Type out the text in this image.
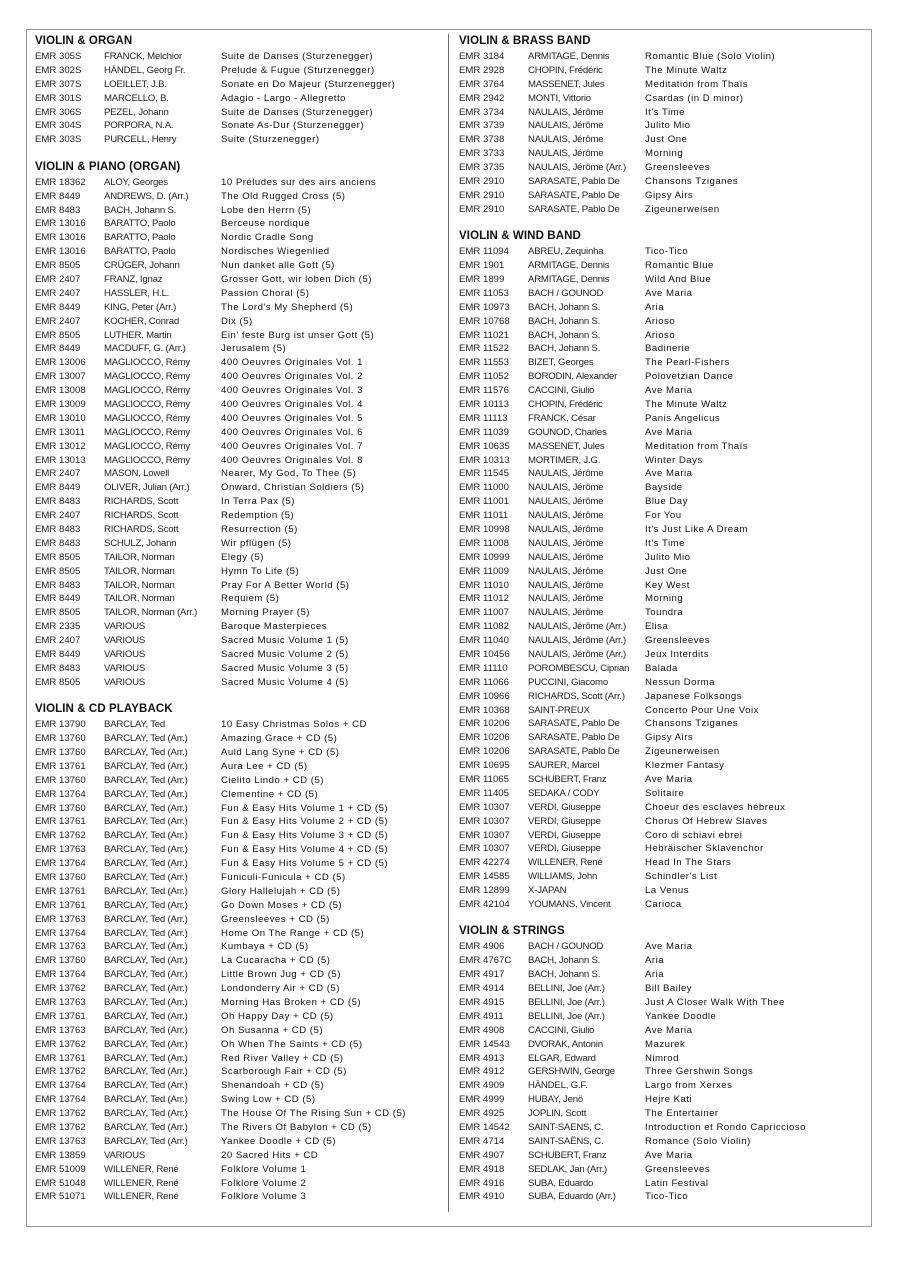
VIOLIN & ORGAN
EMR 305S	FRANCK, Melchior	Suite de Danses (Sturzenegger)
EMR 302S	HÄNDEL, Georg Fr.	Prelude & Fugue (Sturzenegger)
EMR 307S	LOEILLET, J.B.	Sonate en Do Majeur (Sturzenegger)
EMR 301S	MARCELLO, B.	Adagio - Largo - Allegretto
EMR 306S	PEZEL, Johann	Suite de Danses (Sturzenegger)
EMR 304S	PORPORA, N.A.	Sonate As-Dur (Sturzenegger)
EMR 303S	PURCELL, Henry	Suite (Sturzenegger)
VIOLIN & PIANO (ORGAN)
EMR 18362	ALOY, Georges	10 Préludes sur des airs anciens
EMR 8449	ANDREWS, D. (Arr.)	The Old Rugged Cross (5)
EMR 8483	BACH, Johann S.	Lobe den Herrn (5)
EMR 13016	BARATTO, Paolo	Berceuse nordique
EMR 13016	BARATTO, Paolo	Nordic Cradle Song
EMR 13016	BARATTO, Paolo	Nordisches Wiegenlied
EMR 8505	CRÜGER, Johann	Nun danket alle Gott (5)
EMR 2407	FRANZ, Ignaz	Grosser Gott, wir loben Dich (5)
EMR 2407	HASSLER, H.L.	Passion Choral (5)
EMR 8449	KING, Peter (Arr.)	The Lord's My Shepherd (5)
EMR 2407	KOCHER, Conrad	Dix (5)
EMR 8505	LUTHER, Martin	Ein' feste Burg ist unser Gott (5)
EMR 8449	MACDUFF, G. (Arr.)	Jerusalem (5)
EMR 13006	MAGLIOCCO, Rémy	400 Oeuvres Originales Vol. 1
EMR 13007	MAGLIOCCO, Rémy	400 Oeuvres Originales Vol. 2
EMR 13008	MAGLIOCCO, Rémy	400 Oeuvres Originales Vol. 3
EMR 13009	MAGLIOCCO, Rémy	400 Oeuvres Originales Vol. 4
EMR 13010	MAGLIOCCO, Rémy	400 Oeuvres Originales Vol. 5
EMR 13011	MAGLIOCCO, Rémy	400 Oeuvres Originales Vol. 6
EMR 13012	MAGLIOCCO, Rémy	400 Oeuvres Originales Vol. 7
EMR 13013	MAGLIOCCO, Rémy	400 Oeuvres Originales Vol. 8
EMR 2407	MASON, Lowell	Nearer, My God, To Thee (5)
EMR 8449	OLIVER, Julian (Arr.)	Onward, Christian Soldiers (5)
EMR 8483	RICHARDS, Scott	In Terra Pax (5)
EMR 2407	RICHARDS, Scott	Redemption (5)
EMR 8483	RICHARDS, Scott	Resurrection (5)
EMR 8483	SCHULZ, Johann	Wir pflügen (5)
EMR 8505	TAILOR, Norman	Elegy (5)
EMR 8505	TAILOR, Norman	Hymn To Life (5)
EMR 8483	TAILOR, Norman	Pray For A Better World (5)
EMR 8449	TAILOR, Norman	Requiem (5)
EMR 8505	TAILOR, Norman (Arr.)	Morning Prayer (5)
EMR 2335	VARIOUS	Baroque Masterpieces
EMR 2407	VARIOUS	Sacred Music Volume 1 (5)
EMR 8449	VARIOUS	Sacred Music Volume 2 (5)
EMR 8483	VARIOUS	Sacred Music Volume 3 (5)
EMR 8505	VARIOUS	Sacred Music Volume 4 (5)
VIOLIN & CD PLAYBACK
EMR 13790	BARCLAY, Ted	10 Easy Christmas Solos + CD
EMR 13760	BARCLAY, Ted (Arr.)	Amazing Grace + CD (5)
EMR 13760	BARCLAY, Ted (Arr.)	Auld Lang Syne + CD (5)
EMR 13761	BARCLAY, Ted (Arr.)	Aura Lee + CD (5)
EMR 13760	BARCLAY, Ted (Arr.)	Cielito Lindo + CD (5)
EMR 13764	BARCLAY, Ted (Arr.)	Clementine + CD (5)
EMR 13760	BARCLAY, Ted (Arr.)	Fun & Easy Hits Volume 1 + CD (5)
EMR 13761	BARCLAY, Ted (Arr.)	Fun & Easy Hits Volume 2 + CD (5)
EMR 13762	BARCLAY, Ted (Arr.)	Fun & Easy Hits Volume 3 + CD (5)
EMR 13763	BARCLAY, Ted (Arr.)	Fun & Easy Hits Volume 4 + CD (5)
EMR 13764	BARCLAY, Ted (Arr.)	Fun & Easy Hits Volume 5 + CD (5)
EMR 13760	BARCLAY, Ted (Arr.)	Funiculi-Funicula + CD (5)
EMR 13761	BARCLAY, Ted (Arr.)	Glory Hallelujah + CD (5)
EMR 13761	BARCLAY, Ted (Arr.)	Go Down Moses + CD (5)
EMR 13763	BARCLAY, Ted (Arr.)	Greensleeves + CD (5)
EMR 13764	BARCLAY, Ted (Arr.)	Home On The Range + CD (5)
EMR 13763	BARCLAY, Ted (Arr.)	Kumbaya + CD (5)
EMR 13760	BARCLAY, Ted (Arr.)	La Cucaracha + CD (5)
EMR 13764	BARCLAY, Ted (Arr.)	Little Brown Jug + CD (5)
EMR 13762	BARCLAY, Ted (Arr.)	Londonderry Air + CD (5)
EMR 13763	BARCLAY, Ted (Arr.)	Morning Has Broken + CD (5)
EMR 13761	BARCLAY, Ted (Arr.)	Oh Happy Day + CD (5)
EMR 13763	BARCLAY, Ted (Arr.)	Oh Susanna + CD (5)
EMR 13762	BARCLAY, Ted (Arr.)	Oh When The Saints + CD (5)
EMR 13761	BARCLAY, Ted (Arr.)	Red River Valley + CD (5)
EMR 13762	BARCLAY, Ted (Arr.)	Scarborough Fair + CD (5)
EMR 13764	BARCLAY, Ted (Arr.)	Shenandoah + CD (5)
EMR 13764	BARCLAY, Ted (Arr.)	Swing Low + CD (5)
EMR 13762	BARCLAY, Ted (Arr.)	The House Of The Rising Sun + CD (5)
EMR 13762	BARCLAY, Ted (Arr.)	The Rivers Of Babylon + CD (5)
EMR 13763	BARCLAY, Ted (Arr.)	Yankee Doodle + CD (5)
EMR 13859	VARIOUS	20 Sacred Hits + CD
EMR 51009	WILLENER, René	Folklore Volume 1
EMR 51048	WILLENER, René	Folklore Volume 2
EMR 51071	WILLENER, René	Folklore Volume 3
VIOLIN & BRASS BAND
EMR 3184	ARMITAGE, Dennis	Romantic Blue (Solo Violin)
EMR 2928	CHOPIN, Frédéric	The Minute Waltz
EMR 3764	MASSENET, Jules	Meditation from Thaïs
EMR 2942	MONTI, Vittorio	Csardas (in D minor)
EMR 3734	NAULAIS, Jérôme	It's Time
EMR 3739	NAULAIS, Jérôme	Julito Mio
EMR 3738	NAULAIS, Jérôme	Just One
EMR 3733	NAULAIS, Jérôme	Morning
EMR 3735	NAULAIS, Jérôme (Arr.)	Greensleeves
EMR 2910	SARASATE, Pablo De	Chansons Tziganes
EMR 2910	SARASATE, Pablo De	Gipsy Airs
EMR 2910	SARASATE, Pablo De	Zigeunerweisen
VIOLIN & WIND BAND
EMR 11094	ABREU, Zequinha	Tico-Tico
EMR 1901	ARMITAGE, Dennis	Romantic Blue
EMR 1899	ARMITAGE, Dennis	Wild And Blue
EMR 11053	BACH / GOUNOD	Ave Maria
EMR 10973	BACH, Johann S.	Aria
EMR 10768	BACH, Johann S.	Arioso
EMR 11021	BACH, Johann S.	Arioso
EMR 11522	BACH, Johann S.	Badinerie
EMR 11553	BIZET, Georges	The Pearl-Fishers
EMR 11052	BORODIN, Alexander	Polovetzian Dance
EMR 11576	CACCINI, Giulio	Ave Maria
EMR 10113	CHOPIN, Frédéric	The Minute Waltz
EMR 11113	FRANCK, César	Panis Angelicus
EMR 11039	GOUNOD, Charles	Ave Maria
EMR 10635	MASSENET, Jules	Meditation from Thaïs
EMR 10313	MORTIMER, J.G.	Winter Days
EMR 11545	NAULAIS, Jérôme	Ave Maria
EMR 11000	NAULAIS, Jérôme	Bayside
EMR 11001	NAULAIS, Jérôme	Blue Day
EMR 11011	NAULAIS, Jérôme	For You
EMR 10998	NAULAIS, Jérôme	It's Just Like A Dream
EMR 11008	NAULAIS, Jérôme	It's Time
EMR 10999	NAULAIS, Jérôme	Julito Mio
EMR 11009	NAULAIS, Jérôme	Just One
EMR 11010	NAULAIS, Jérôme	Key West
EMR 11012	NAULAIS, Jérôme	Morning
EMR 11007	NAULAIS, Jérôme	Toundra
EMR 11082	NAULAIS, Jérôme (Arr.)	Elisa
EMR 11040	NAULAIS, Jérôme (Arr.)	Greensleeves
EMR 10456	NAULAIS, Jérôme (Arr.)	Jeux Interdits
EMR 11110	POROMBESCU, Ciprian	Balada
EMR 11066	PUCCINI, Giacomo	Nessun Dorma
EMR 10966	RICHARDS, Scott (Arr.)	Japanese Folksongs
EMR 10368	SAINT-PREUX	Concerto Pour Une Voix
EMR 10206	SARASATE, Pablo De	Chansons Tziganes
EMR 10206	SARASATE, Pablo De	Gipsy Airs
EMR 10206	SARASATE, Pablo De	Zigeunerweisen
EMR 10695	SAURER, Marcel	Klezmer Fantasy
EMR 11065	SCHUBERT, Franz	Ave Maria
EMR 11405	SEDAKA / CODY	Solitaire
EMR 10307	VERDI, Giuseppe	Choeur des esclaves hébreux
EMR 10307	VERDI, Giuseppe	Chorus Of Hebrew Slaves
EMR 10307	VERDI, Giuseppe	Coro di schiavi ebrei
EMR 10307	VERDI, Giuseppe	Hebräischer Sklavenchor
EMR 42274	WILLENER, René	Head In The Stars
EMR 14585	WILLIAMS, John	Schindler's List
EMR 12899	X-JAPAN	La Venus
EMR 42104	YOUMANS, Vincent	Carioca
VIOLIN & STRINGS
EMR 4906	BACH / GOUNOD	Ave Maria
EMR 4767C	BACH, Johann S.	Aria
EMR 4917	BACH, Johann S.	Aria
EMR 4914	BELLINI, Joe (Arr.)	Bill Bailey
EMR 4915	BELLINI, Joe (Arr.)	Just A Closer Walk With Thee
EMR 4911	BELLINI, Joe (Arr.)	Yankee Doodle
EMR 4908	CACCINI, Giulio	Ave Maria
EMR 14543	DVORAK, Antonin	Mazurek
EMR 4913	ELGAR, Edward	Nimrod
EMR 4912	GERSHWIN, George	Three Gershwin Songs
EMR 4909	HÄNDEL, G.F.	Largo from Xerxes
EMR 4999	HUBAY, Jenö	Hejre Kati
EMR 4925	JOPLIN, Scott	The Entertainer
EMR 14542	SAINT-SAENS, C.	Introduction et Rondo Capriccioso
EMR 4714	SAINT-SAËNS, C.	Romance (Solo Violin)
EMR 4907	SCHUBERT, Franz	Ave Maria
EMR 4918	SEDLAK, Jan (Arr.)	Greensleeves
EMR 4916	SUBA, Eduardo	Latin Festival
EMR 4910	SUBA, Eduardo (Arr.)	Tico-Tico
